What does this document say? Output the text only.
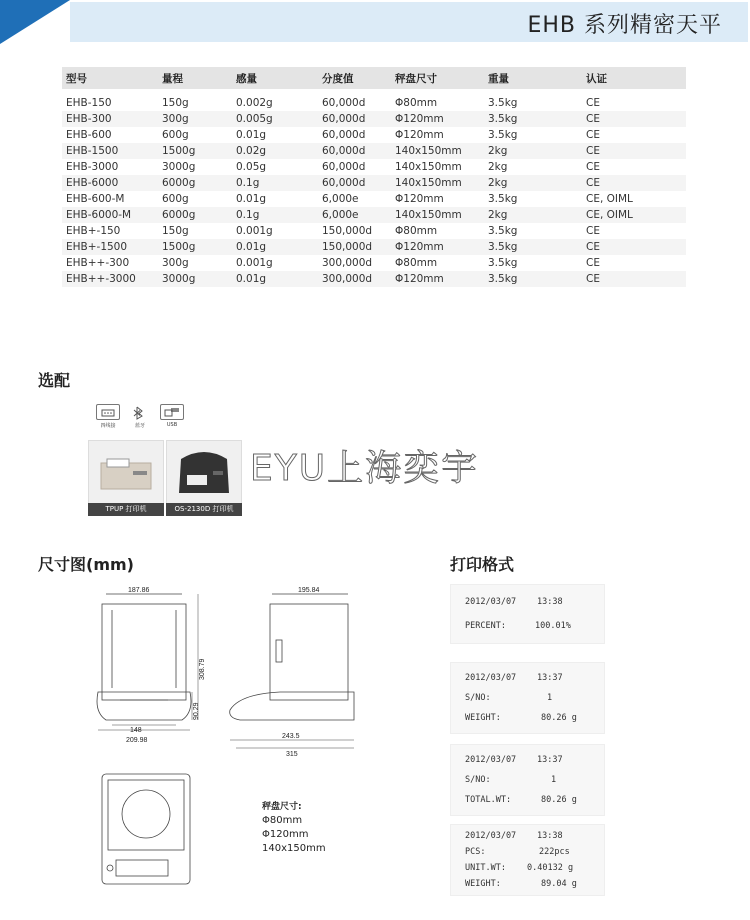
EHB 系列精密天平
型号	量程	感量	分度值	秤盘尺寸	重量	认证

EHB-150	150g	0.002g	60,000d	Φ80mm	3.5kg	CE
EHB-300	300g	0.005g	60,000d	Φ120mm	3.5kg	CE
EHB-600	600g	0.01g	60,000d	Φ120mm	3.5kg	CE
EHB-1500	1500g	0.02g	60,000d	140x150mm	2kg	CE
EHB-3000	3000g	0.05g	60,000d	140x150mm	2kg	CE
EHB-6000	6000g	0.1g	60,000d	140x150mm	2kg	CE
EHB-600-M	600g	0.01g	6,000e	Φ120mm	3.5kg	CE, OIML
EHB-6000-M	6000g	0.1g	6,000e	140x150mm	2kg	CE, OIML
EHB+-150	150g	0.001g	150,000d	Φ80mm	3.5kg	CE
EHB+-1500	1500g	0.01g	150,000d	Φ120mm	3.5kg	CE
EHB++-300	300g	0.001g	300,000d	Φ80mm	3.5kg	CE
EHB++-3000	3000g	0.01g	300,000d	Φ120mm	3.5kg	CE
选配
四线接	蓝牙	USB
TPUP 打印机	OS-2130D 打印机
EYU上海奕宇
尺寸图(mm)
187.86
148
209.98
308.79
90.29
195.84
243.5
315
秤盘尺寸:
Φ80mm
Φ120mm
140x150mm
打印格式
2012/03/07 13:38
PERCENT:	100.01%
2012/03/07 13:37
S/NO:	1
WEIGHT:	80.26 g
2012/03/07 13:37
S/NO:	1
TOTAL.WT:	80.26 g
2012/03/07 13:38
PCS:	222pcs
UNIT.WT: 0.40132 g
WEIGHT:	89.04 g
